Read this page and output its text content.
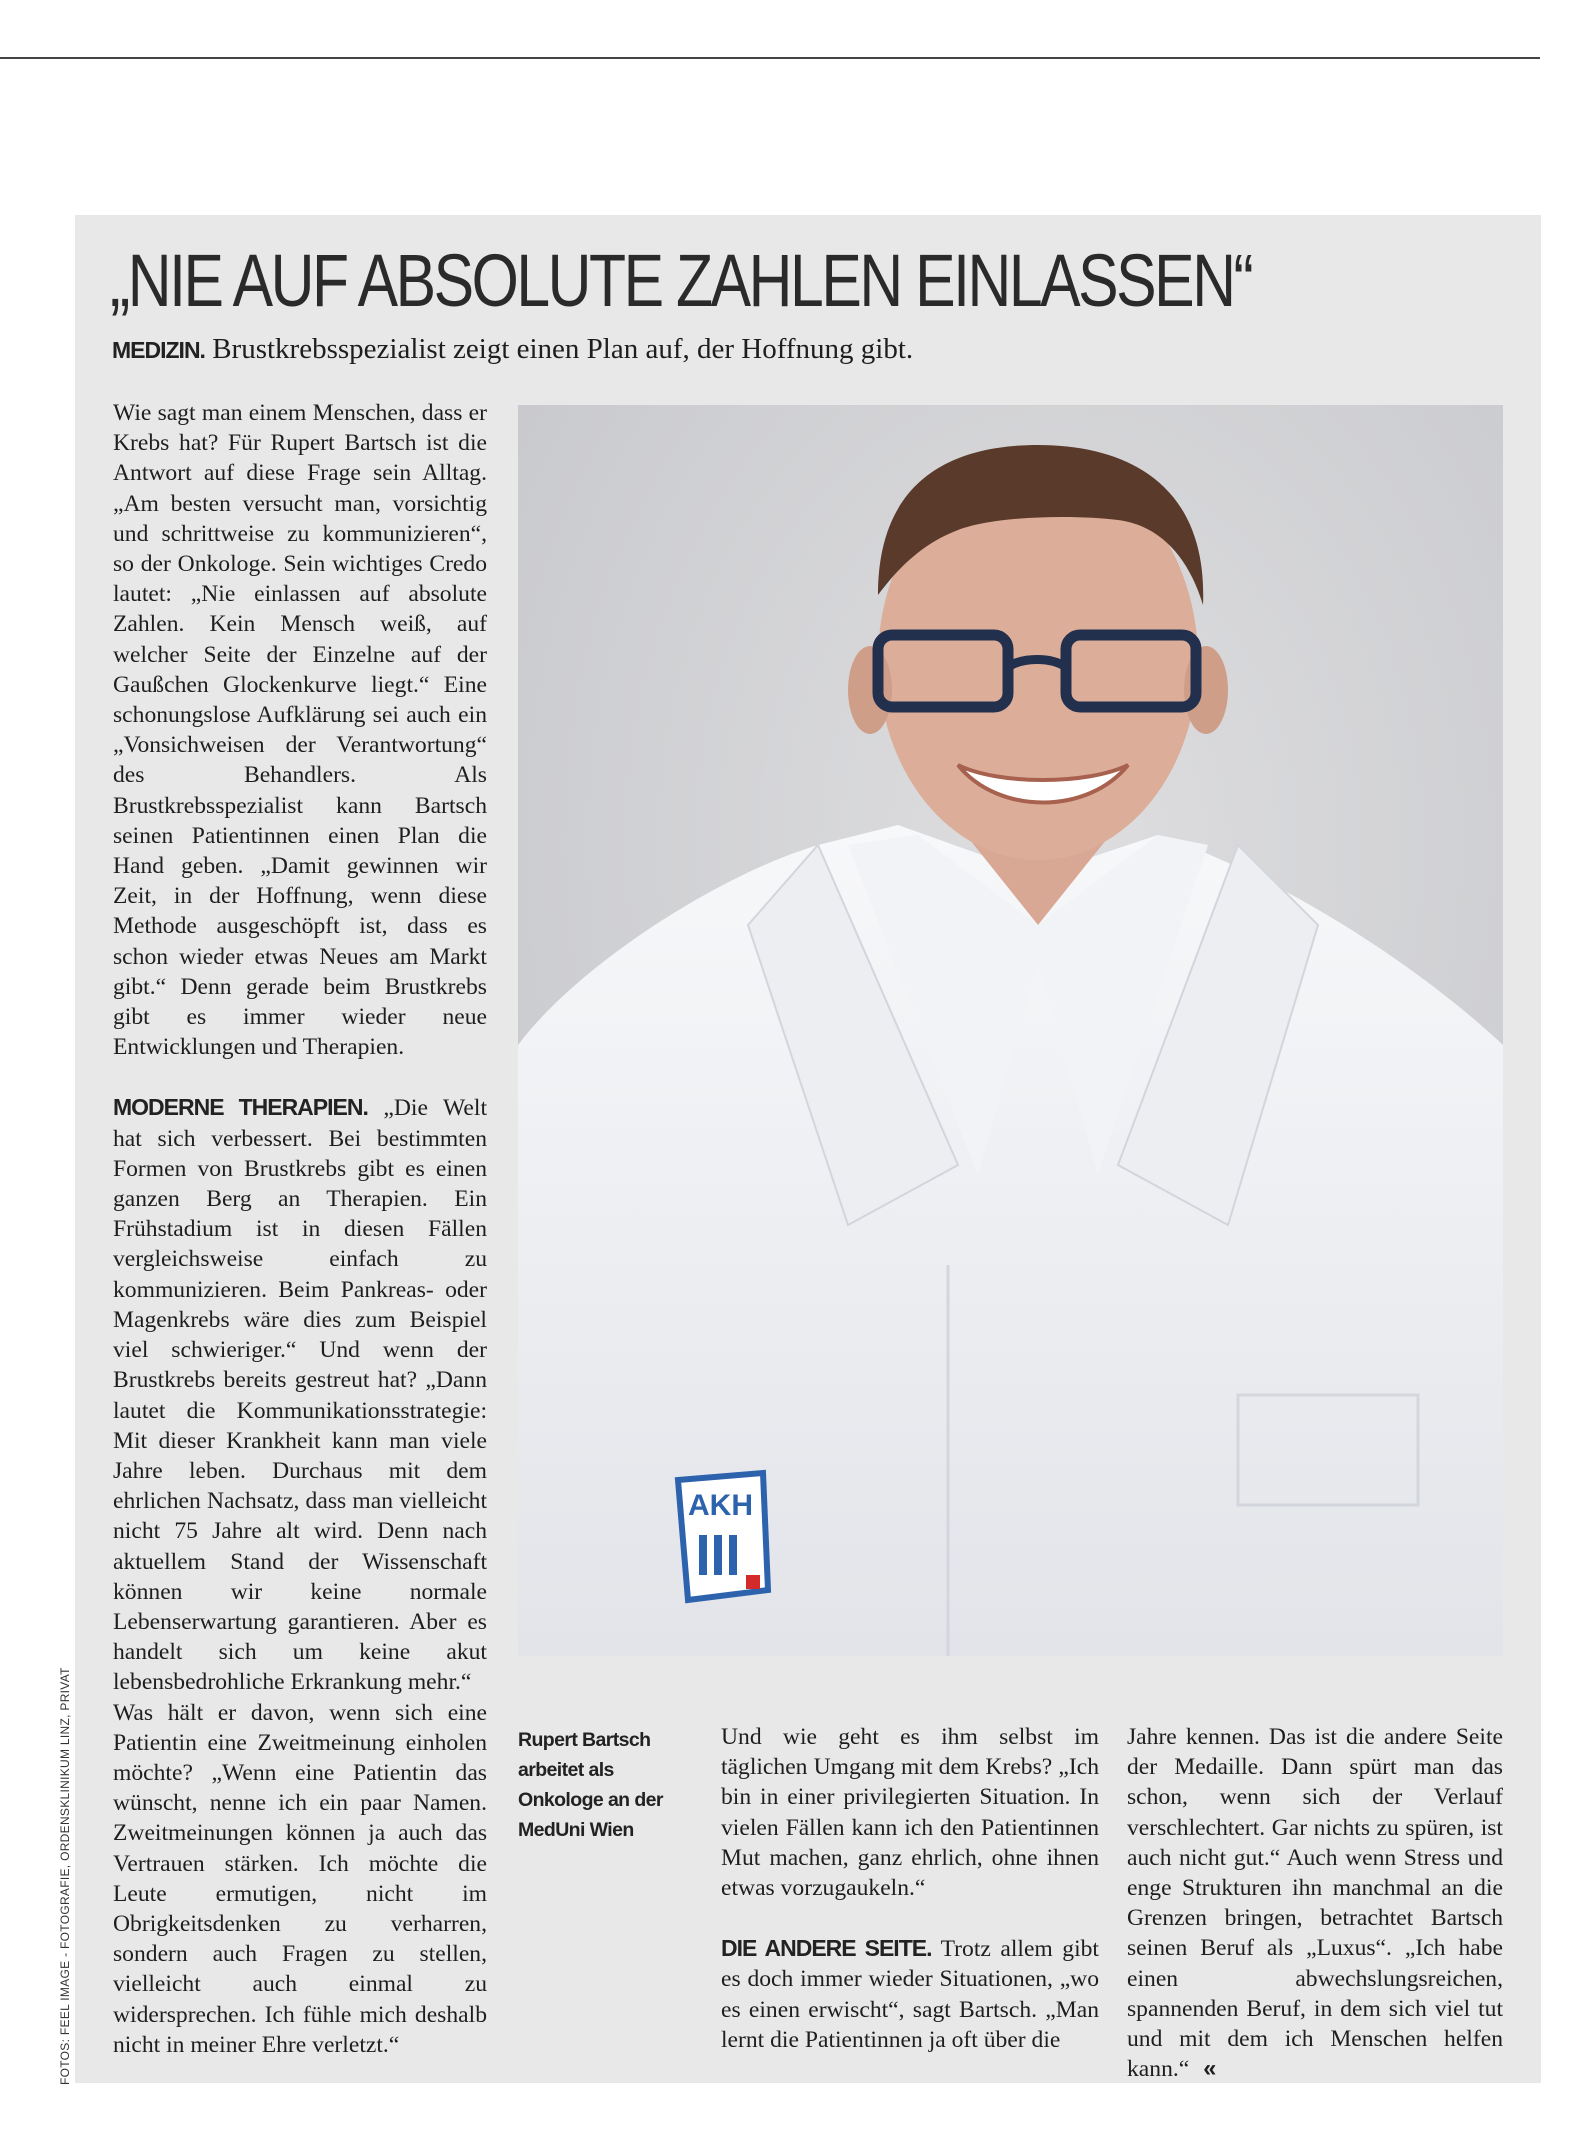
„NIE AUF ABSOLUTE ZAHLEN EINLASSEN“
MEDIZIN. Brustkrebsspezialist zeigt einen Plan auf, der Hoffnung gibt.

Wie sagt man einem Menschen, dass er Krebs hat? Für Rupert Bartsch ist die Antwort auf diese Frage sein Alltag. „Am besten versucht man, vorsichtig und schrittweise zu kommunizieren“, so der Onkologe. Sein wichtiges Credo lautet: „Nie einlassen auf absolute Zahlen. Kein Mensch weiß, auf welcher Seite der Einzelne auf der Gaußchen Glockenkurve liegt.“ Eine schonungslose Aufklärung sei auch ein „Vonsichweisen der Verantwortung“ des Behandlers. Als Brustkrebsspezialist kann Bartsch seinen Patientinnen einen Plan die Hand geben. „Damit gewinnen wir Zeit, in der Hoffnung, wenn diese Methode ausgeschöpft ist, dass es schon wieder etwas Neues am Markt gibt.“ Denn gerade beim Brustkrebs gibt es immer wieder neue Entwicklungen und Therapien.

MODERNE THERAPIEN. „Die Welt hat sich verbessert. Bei bestimmten Formen von Brustkrebs gibt es einen ganzen Berg an Therapien. Ein Frühstadium ist in diesen Fällen vergleichsweise einfach zu kommunizieren. Beim Pankreas- oder Magenkrebs wäre dies zum Beispiel viel schwieriger.“ Und wenn der Brustkrebs bereits gestreut hat? „Dann lautet die Kommunikationsstrategie: Mit dieser Krankheit kann man viele Jahre leben. Durchaus mit dem ehrlichen Nachsatz, dass man vielleicht nicht 75 Jahre alt wird. Denn nach aktuellem Stand der Wissenschaft können wir keine normale Lebenserwartung garantieren. Aber es handelt sich um keine akut lebensbedrohliche Erkrankung mehr.“

Was hält er davon, wenn sich eine Patientin eine Zweitmeinung einholen möchte? „Wenn eine Patientin das wünscht, nenne ich ein paar Namen. Zweitmeinungen können ja auch das Vertrauen stärken. Ich möchte die Leute ermutigen, nicht im Obrigkeitsdenken zu verharren, sondern auch Fragen zu stellen, vielleicht auch einmal zu widersprechen. Ich fühle mich deshalb nicht in meiner Ehre verletzt.“

AKH

Rupert Bartsch arbeitet als Onkologe an der MedUni Wien

Und wie geht es ihm selbst im täglichen Umgang mit dem Krebs? „Ich bin in einer privilegierten Situation. In vielen Fällen kann ich den Patientinnen Mut machen, ganz ehrlich, ohne ihnen etwas vorzugaukeln.“

DIE ANDERE SEITE. Trotz allem gibt es doch immer wieder Situationen, „wo es einen erwischt“, sagt Bartsch. „Man lernt die Patientinnen ja oft über die

Jahre kennen. Das ist die andere Seite der Medaille. Dann spürt man das schon, wenn sich der Verlauf verschlechtert. Gar nichts zu spüren, ist auch nicht gut.“ Auch wenn Stress und enge Strukturen ihn manchmal an die Grenzen bringen, betrachtet Bartsch seinen Beruf als „Luxus“. „Ich habe einen abwechslungsreichen, spannenden Beruf, in dem sich viel tut und mit dem ich Menschen helfen kann.“ «

FOTOS: FEEL IMAGE - FOTOGRAFIE, ORDENSKLINIKUM LINZ, PRIVAT
